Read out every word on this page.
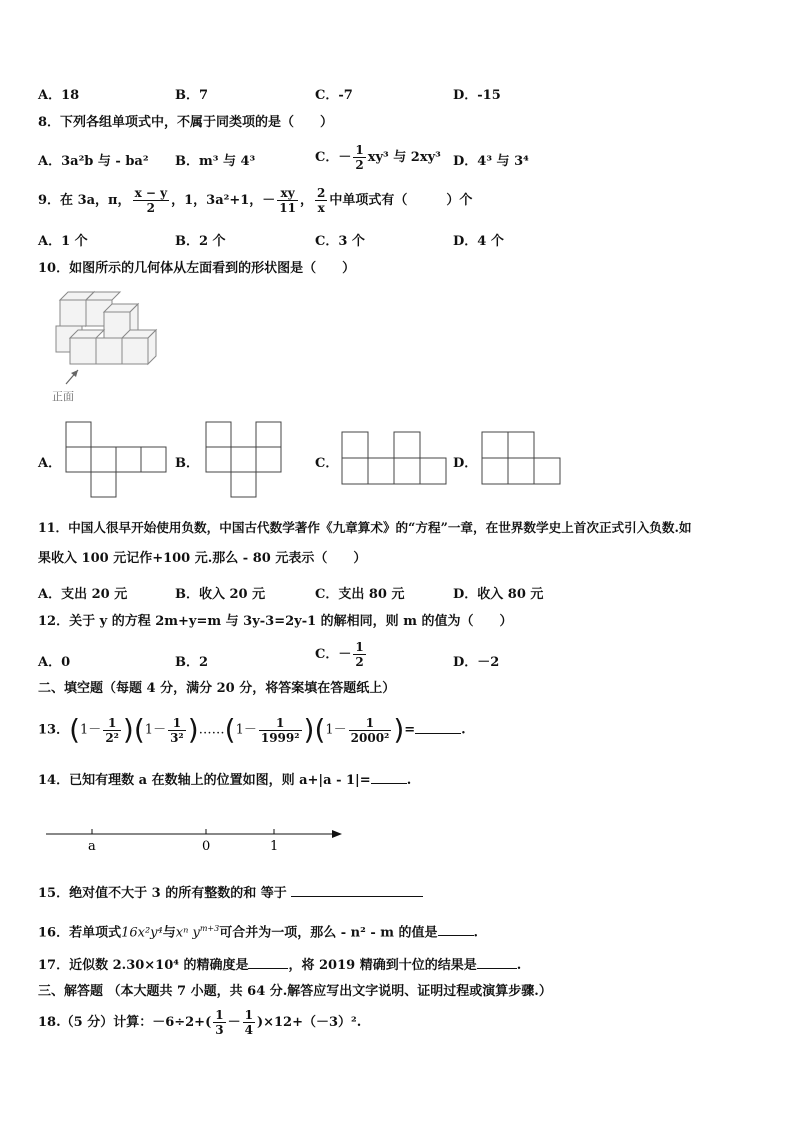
A．18	B．7	C．-7	D．-15
8．下列各组单项式中，不属于同类项的是（　　）
A．3a²b 与 - ba² B．m³ 与 4³	C．－ $\frac{1}{2} xy^3$ 与 2xy³ D．4³ 与 3⁴
9．在 3a，π， $\frac{x - y}{2}$ ，1，3a²+1，－ $\frac{xy}{11}$ ， $\frac{2}{x}$ 中单项式有（　　　）个
A．1 个	B．2 个	C．3 个	D．4 个
10．如图所示的几何体从左面看到的形状图是（　　）
正面
A．	B．	C．	D．
11．中国人很早开始使用负数，中国古代数学著作《九章算术》的“方程”一章，在世界数学史上首次正式引入负数.如
果收入 100 元记作+100 元.那么 - 80 元表示（　　）
A．支出 20 元	B．收入 20 元	C．支出 80 元	D．收入 80 元
12．关于 y 的方程 2m+y=m 与 3y-3=2y-1 的解相同，则 m 的值为（　　）
A．0	B．2
C．－ $\frac{1}{2}$	D．－2
二、填空题（每题 4 分，满分 20 分，将答案填在答题纸上）
13．$(1- \frac{1}{\text{2²}} )(1- \frac{1}{\text{3²}}$ )……(1－ $\frac{1}{\text{1999²}} )(1- \frac{1}{\text{2000²}}$ )=	.
14．已知有理数 a 在数轴上的位置如图，则 a+|a - 1|=	.
a	0	1
15．绝对值不大于 3 的所有整数的和 等于
16．若单项式16x²y⁴与xⁿ $y^{m+3}$可合并为一项，那么 - n² - m 的值是	.
17．近似数 2.30×10⁴ 的精确度是	，将 2019 精确到十位的结果是	.
三、解答题 （本大题共 7 小题，共 64 分.解答应写出文字说明、证明过程或演算步骤.）
18.（5 分）计算：$-6\div 2+( \frac{1}{3} - \frac{1}{4} )\times 12+(-3)^2$.
